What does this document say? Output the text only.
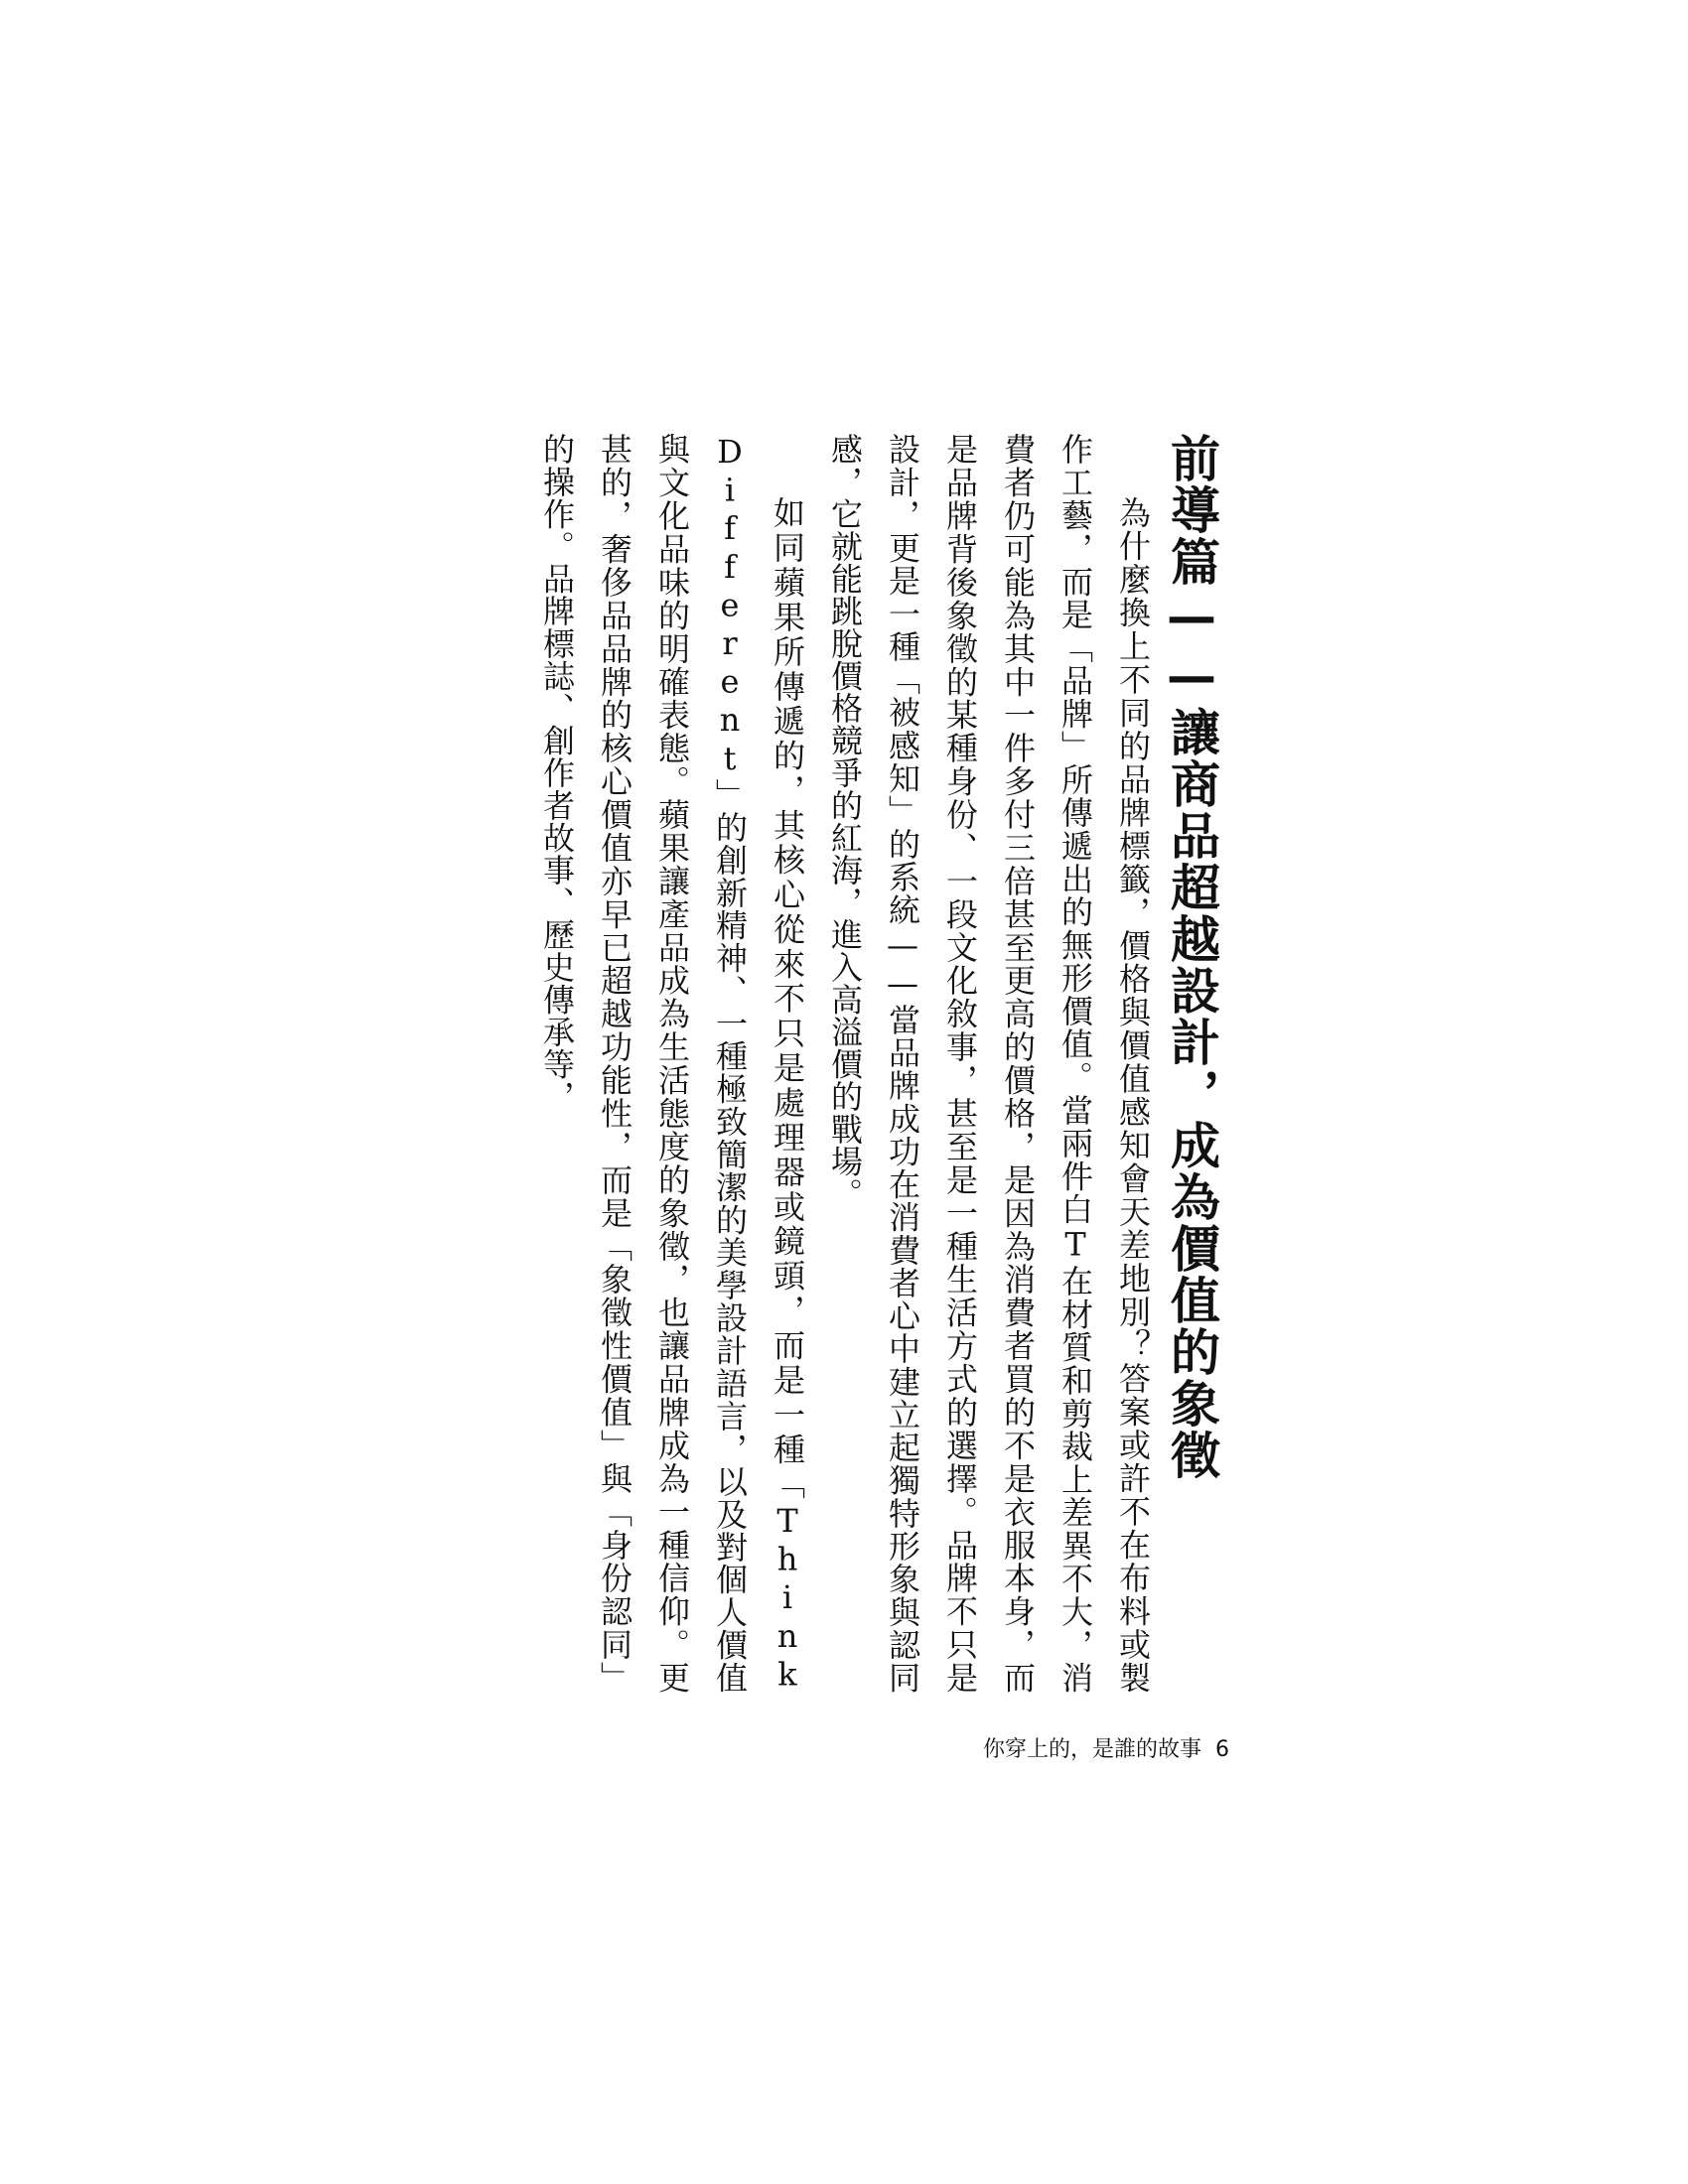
前導篇——讓商品超越設計，成為價值的象徵

為什麼換上不同的品牌標籤，價格與價值感知會天差地別？答案或許不在布料或製作工藝，而是「品牌」所傳遞出的無形價值。當兩件白T在材質和剪裁上差異不大，消費者仍可能為其中一件多付三倍甚至更高的價格，是因為消費者買的不是衣服本身，而是品牌背後象徵的某種身份、一段文化敘事，甚至是一種生活方式的選擇。品牌不只是設計，更是一種「被感知」的系統——當品牌成功在消費者心中建立起獨特形象與認同感，它就能跳脫價格競爭的紅海，進入高溢價的戰場。

如同蘋果所傳遞的，其核心從來不只是處理器或鏡頭，而是一種「Think Different」的創新精神、一種極致簡潔的美學設計語言，以及對個人價值與文化品味的明確表態。蘋果讓產品成為生活態度的象徵，也讓品牌成為一種信仰。更甚的，奢侈品品牌的核心價值亦早已超越功能性，而是「象徵性價值」與「身份認同」的操作。品牌標誌、創作者故事、歷史傳承等，

你穿上的，是誰的故事 6
